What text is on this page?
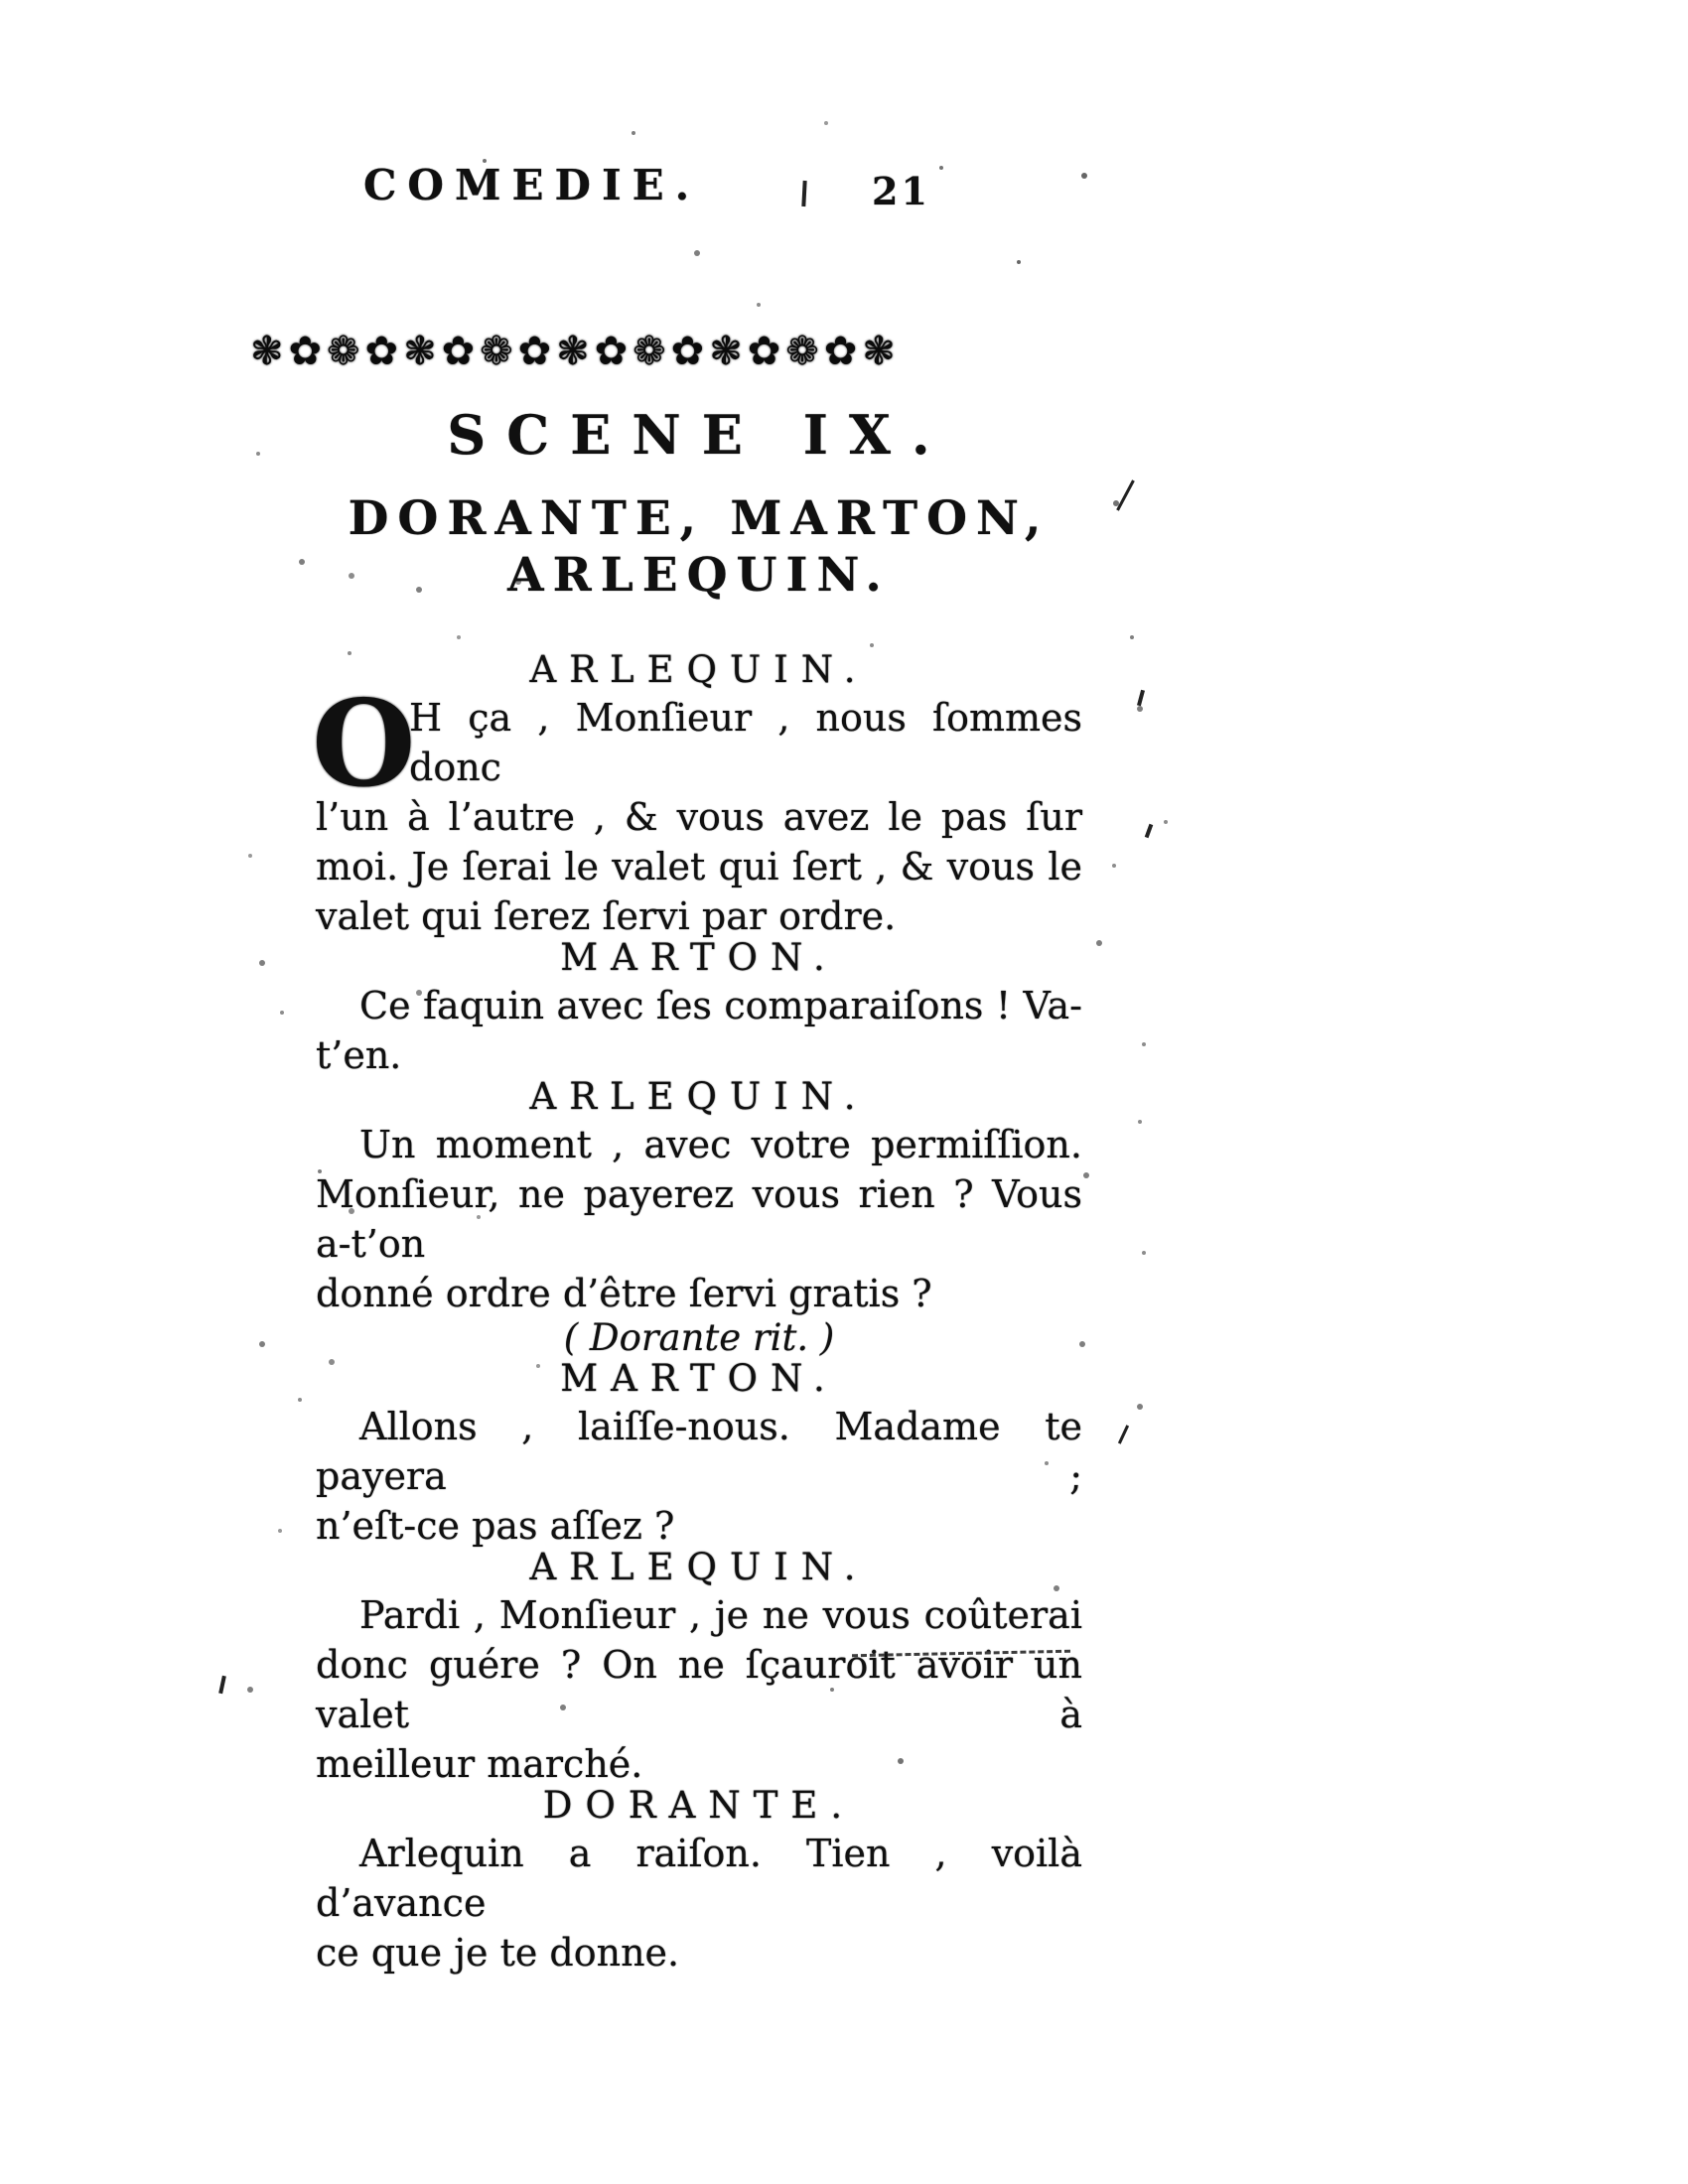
COMEDIE.	21
❃✿❁✿❃✿❁✿❃✿❁✿❃✿❁✿❃
SCENE IX.
DORANTE, MARTON,
ARLEQUIN.
ARLEQUIN.
O
H ça , Monſieur , nous ſommes donc
l’un à l’autre , & vous avez le pas ſur
moi. Je ſerai le valet qui ſert , & vous le
valet qui ſerez ſervi par ordre.
MARTON.
Ce faquin avec ſes comparaiſons ! Va-t’en.
ARLEQUIN.
Un moment , avec votre permiſſion.
Monſieur, ne payerez vous rien ? Vous a-t’on
donné ordre d’être ſervi gratis ?
( Dorante rit. )
MARTON.
Allons , laiſſe-nous. Madame te payera ;
n’eſt-ce pas aſſez ?
ARLEQUIN.
Pardi , Monſieur , je ne vous coûterai
donc guére ? On ne ſçauroit avoir un valet à
meilleur marché.
DORANTE.
Arlequin a raiſon. Tien , voilà d’avance
ce que je te donne.
